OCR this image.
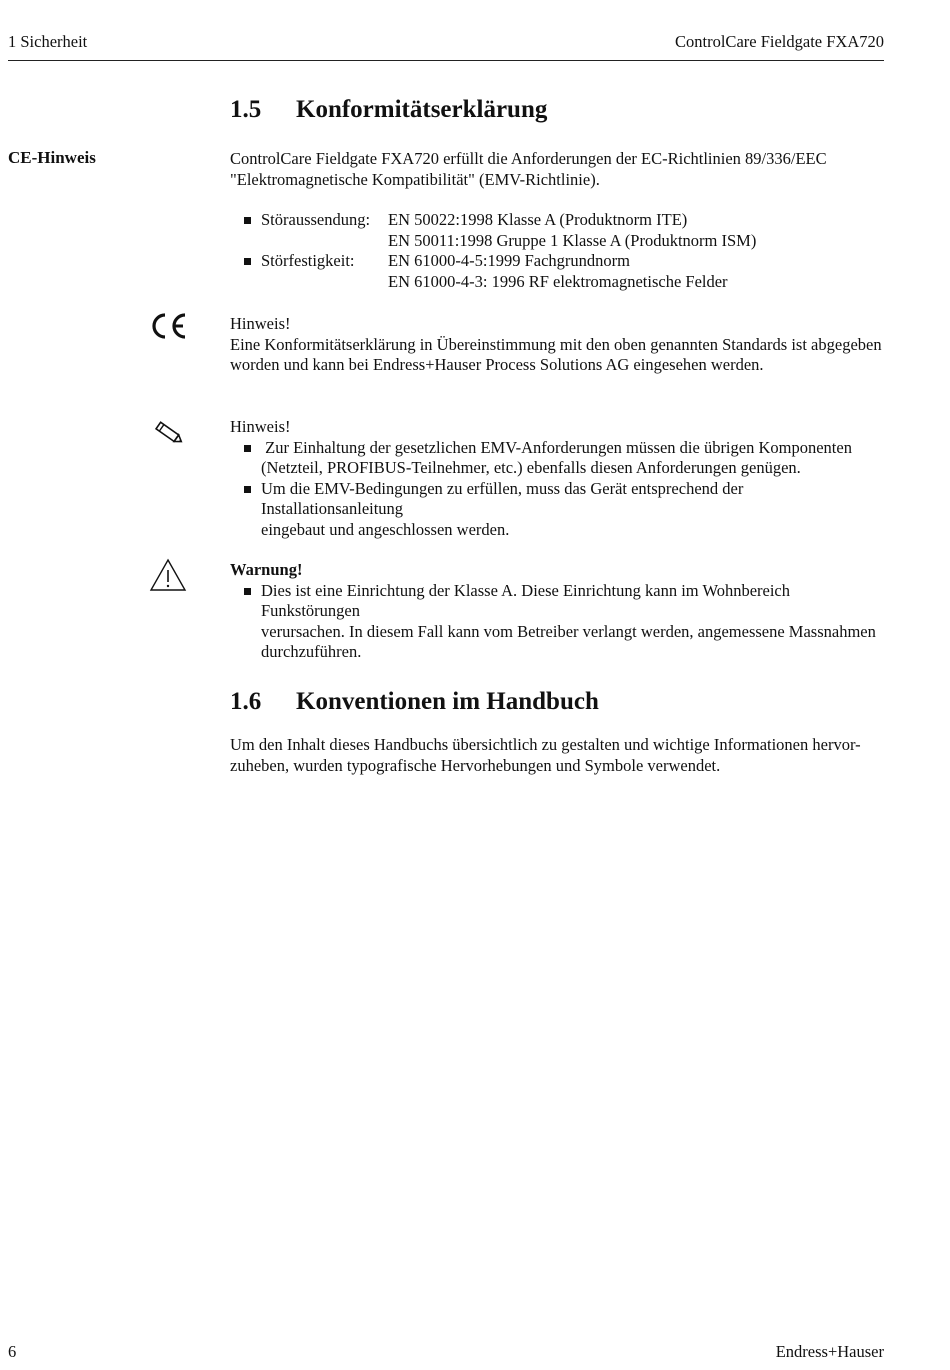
1 Sicherheit	ControlCare Fieldgate FXA720
1.5 Konformitätserklärung
CE-Hinweis	ControlCare Fieldgate FXA720 erfüllt die Anforderungen der EC-Richtlinien 89/336/EEC
"Elektromagnetische Kompatibilität" (EMV-Richtlinie).
Störaussendung: EN 50022:1998 Klasse A (Produktnorm ITE)
EN 50011:1998 Gruppe 1 Klasse A (Produktnorm ISM)
Störfestigkeit: EN 61000-4-5:1999 Fachgrundnorm
EN 61000-4-3: 1996 RF elektromagnetische Felder
Hinweis!
Eine Konformitätserklärung in Übereinstimmung mit den oben genannten Standards ist abgegeben
worden und kann bei Endress+Hauser Process Solutions AG eingesehen werden.
Hinweis!
Zur Einhaltung der gesetzlichen EMV-Anforderungen müssen die übrigen Komponenten
(Netzteil, PROFIBUS-Teilnehmer, etc.) ebenfalls diesen Anforderungen genügen.
Um die EMV-Bedingungen zu erfüllen, muss das Gerät entsprechend der Installationsanleitung
eingebaut und angeschlossen werden.
Warnung!
Dies ist eine Einrichtung der Klasse A. Diese Einrichtung kann im Wohnbereich Funkstörungen
verursachen. In diesem Fall kann vom Betreiber verlangt werden, angemessene Massnahmen
durchzuführen.
1.6 Konventionen im Handbuch
Um den Inhalt dieses Handbuchs übersichtlich zu gestalten und wichtige Informationen hervor-
zuheben, wurden typografische Hervorhebungen und Symbole verwendet.
6	Endress+Hauser
